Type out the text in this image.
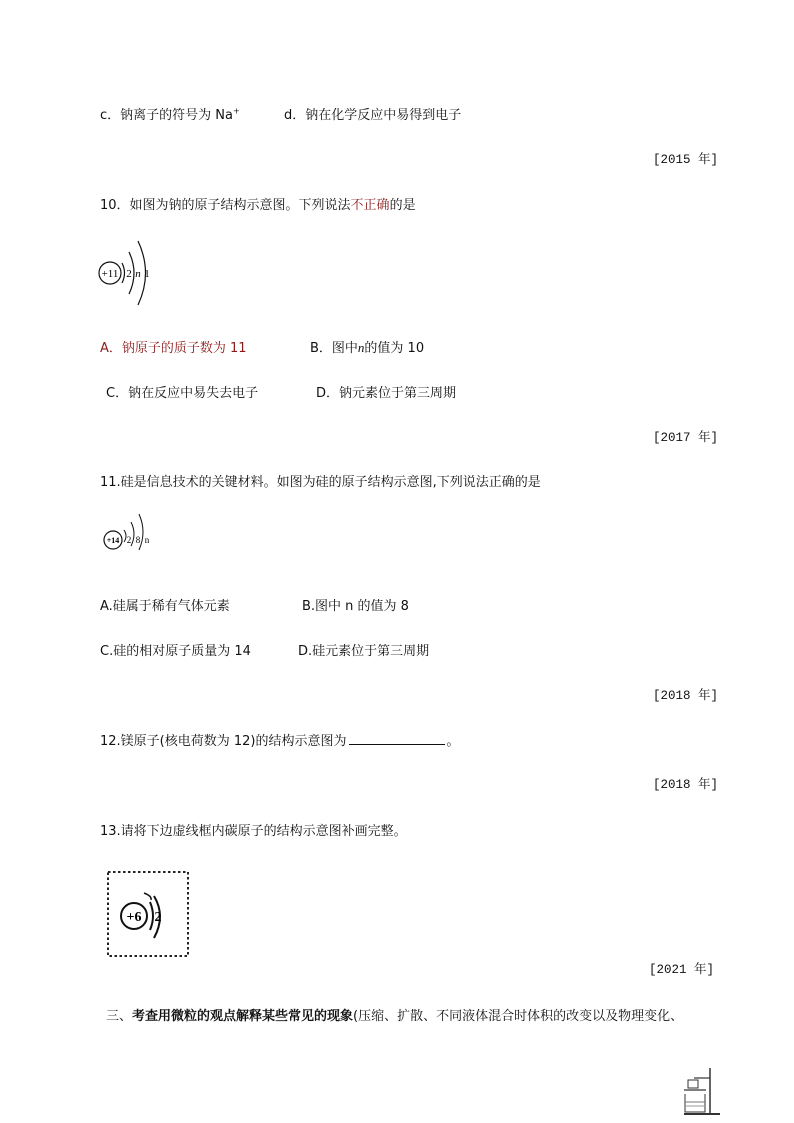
c．钠离子的符号为 Na+	d．钠在化学反应中易得到电子
[2015 年]
10．如图为钠的原子结构示意图。下列说法不正确的是
+11 2 n 1
A．钠原子的质子数为 11	B．图中n的值为 10
C．钠在反应中易失去电子	D．钠元素位于第三周期
[2017 年]
11.硅是信息技术的关键材料。如图为硅的原子结构示意图,下列说法正确的是
+14 2 8 n
A.硅属于稀有气体元素	B.图中 n 的值为 8
C.硅的相对原子质量为 14	D.硅元素位于第三周期
[2018 年]
12.镁原子(核电荷数为 12)的结构示意图为	。
[2018 年]
13.请将下边虚线框内碳原子的结构示意图补画完整。
+6 2
[2021 年]
三、考查用微粒的观点解释某些常见的现象(压缩、扩散、不同液体混合时体积的改变以及物理变化、
